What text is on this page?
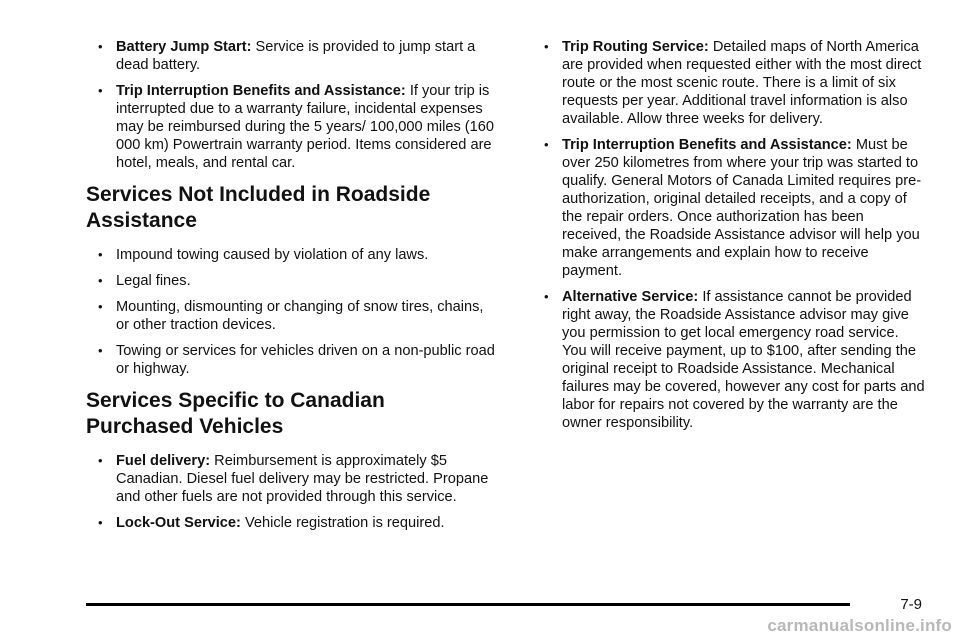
• Battery Jump Start: Service is provided to jump start a dead battery.
• Trip Interruption Benefits and Assistance: If your trip is interrupted due to a warranty failure, incidental expenses may be reimbursed during the 5 years/ 100,000 miles (160 000 km) Powertrain warranty period. Items considered are hotel, meals, and rental car.
Services Not Included in Roadside Assistance
• Impound towing caused by violation of any laws.
• Legal fines.
• Mounting, dismounting or changing of snow tires, chains, or other traction devices.
• Towing or services for vehicles driven on a non-public road or highway.
Services Specific to Canadian Purchased Vehicles
• Fuel delivery: Reimbursement is approximately $5 Canadian. Diesel fuel delivery may be restricted. Propane and other fuels are not provided through this service.
• Lock-Out Service: Vehicle registration is required.
• Trip Routing Service: Detailed maps of North America are provided when requested either with the most direct route or the most scenic route. There is a limit of six requests per year. Additional travel information is also available. Allow three weeks for delivery.
• Trip Interruption Benefits and Assistance: Must be over 250 kilometres from where your trip was started to qualify. General Motors of Canada Limited requires pre-authorization, original detailed receipts, and a copy of the repair orders. Once authorization has been received, the Roadside Assistance advisor will help you make arrangements and explain how to receive payment.
• Alternative Service: If assistance cannot be provided right away, the Roadside Assistance advisor may give you permission to get local emergency road service. You will receive payment, up to $100, after sending the original receipt to Roadside Assistance. Mechanical failures may be covered, however any cost for parts and labor for repairs not covered by the warranty are the owner responsibility.
7-9
carmanualsonline.info
